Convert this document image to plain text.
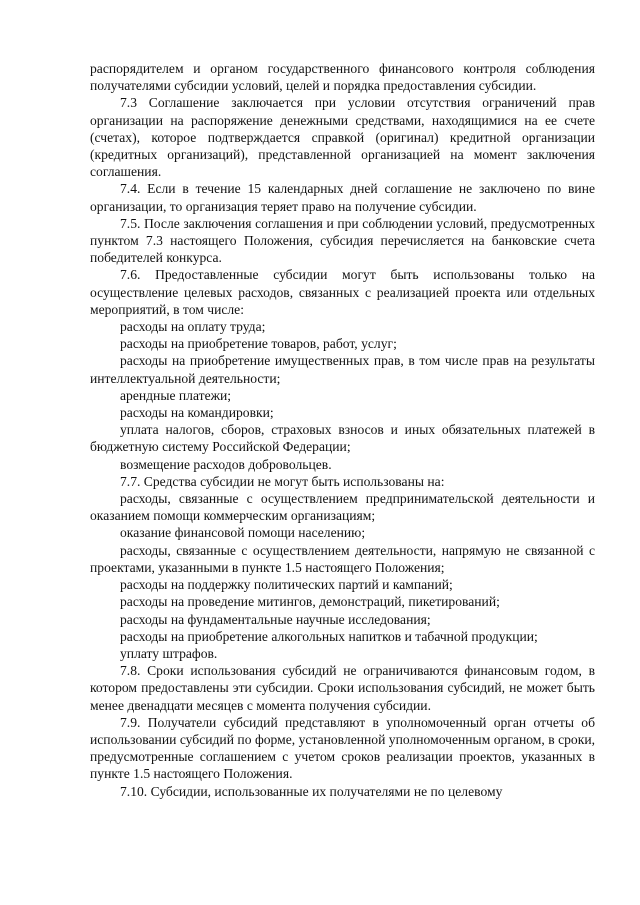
распорядителем и органом государственного финансового контроля соблюдения получателями субсидии условий, целей и порядка предоставления субсидии.

7.3 Соглашение заключается при условии отсутствия ограничений прав организации на распоряжение денежными средствами, находящимися на ее счете (счетах), которое подтверждается справкой (оригинал) кредитной организации (кредитных организаций), представленной организацией на момент заключения соглашения.

7.4. Если в течение 15 календарных дней соглашение не заключено по вине организации, то организация теряет право на получение субсидии.

7.5. После заключения соглашения и при соблюдении условий, предусмотренных пунктом 7.3 настоящего Положения, субсидия перечисляется на банковские счета победителей конкурса.

7.6. Предоставленные субсидии могут быть использованы только на осуществление целевых расходов, связанных с реализацией проекта или отдельных мероприятий, в том числе:

расходы на оплату труда;

расходы на приобретение товаров, работ, услуг;

расходы на приобретение имущественных прав, в том числе прав на результаты интеллектуальной деятельности;

арендные платежи;

расходы на командировки;

уплата налогов, сборов, страховых взносов и иных обязательных платежей в бюджетную систему Российской Федерации;

возмещение расходов добровольцев.

7.7. Средства субсидии не могут быть использованы на:

расходы, связанные с осуществлением предпринимательской деятельности и оказанием помощи коммерческим организациям;

оказание финансовой помощи населению;

расходы, связанные с осуществлением деятельности, напрямую не связанной с проектами, указанными в пункте 1.5 настоящего Положения;

расходы на поддержку политических партий и кампаний;

расходы на проведение митингов, демонстраций, пикетирований;

расходы на фундаментальные научные исследования;

расходы на приобретение алкогольных напитков и табачной продукции;

уплату штрафов.

7.8. Сроки использования субсидий не ограничиваются финансовым годом, в котором предоставлены эти субсидии. Сроки использования субсидий, не может быть менее двенадцати месяцев с момента получения субсидии.

7.9. Получатели субсидий представляют в уполномоченный орган отчеты об использовании субсидий по форме, установленной уполномоченным органом, в сроки, предусмотренные соглашением с учетом сроков реализации проектов, указанных в пункте 1.5 настоящего Положения.

7.10. Субсидии, использованные их получателями не по целевому
